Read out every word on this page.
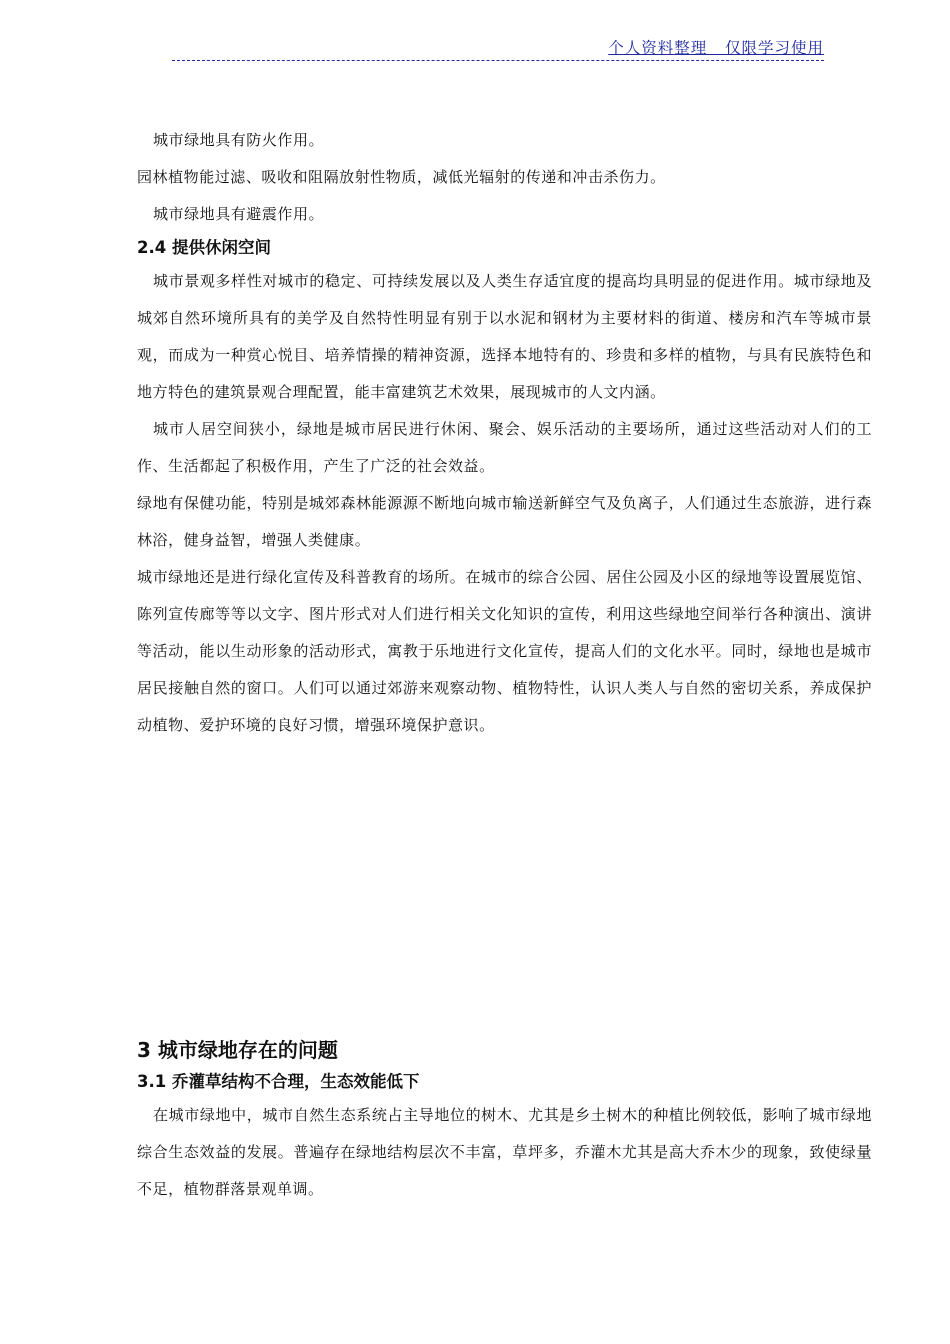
个人资料整理   仅限学习使用

城市绿地具有防火作用。

园林植物能过滤、吸收和阻隔放射性物质，减低光辐射的传递和冲击杀伤力。

城市绿地具有避震作用。

2.4 提供休闲空间

城市景观多样性对城市的稳定、可持续发展以及人类生存适宜度的提高均具明显的促进作用。城市绿地及城郊自然环境所具有的美学及自然特性明显有别于以水泥和钢材为主要材料的街道、楼房和汽车等城市景观，而成为一种赏心悦目、培养情操的精神资源，选择本地特有的、珍贵和多样的植物，与具有民族特色和地方特色的建筑景观合理配置，能丰富建筑艺术效果，展现城市的人文内涵。

城市人居空间狭小，绿地是城市居民进行休闲、聚会、娱乐活动的主要场所，通过这些活动对人们的工作、生活都起了积极作用，产生了广泛的社会效益。

绿地有保健功能，特别是城郊森林能源源不断地向城市输送新鲜空气及负离子，人们通过生态旅游，进行森林浴，健身益智，增强人类健康。

城市绿地还是进行绿化宣传及科普教育的场所。在城市的综合公园、居住公园及小区的绿地等设置展览馆、陈列宣传廊等等以文字、图片形式对人们进行相关文化知识的宣传，利用这些绿地空间举行各种演出、演讲等活动，能以生动形象的活动形式，寓教于乐地进行文化宣传，提高人们的文化水平。同时，绿地也是城市居民接触自然的窗口。人们可以通过郊游来观察动物、植物特性，认识人类人与自然的密切关系，养成保护动植物、爱护环境的良好习惯，增强环境保护意识。

3 城市绿地存在的问题
3.1 乔灌草结构不合理，生态效能低下

在城市绿地中，城市自然生态系统占主导地位的树木、尤其是乡土树木的种植比例较低，影响了城市绿地综合生态效益的发展。普遍存在绿地结构层次不丰富，草坪多，乔灌木尤其是高大乔木少的现象，致使绿量不足，植物群落景观单调。
